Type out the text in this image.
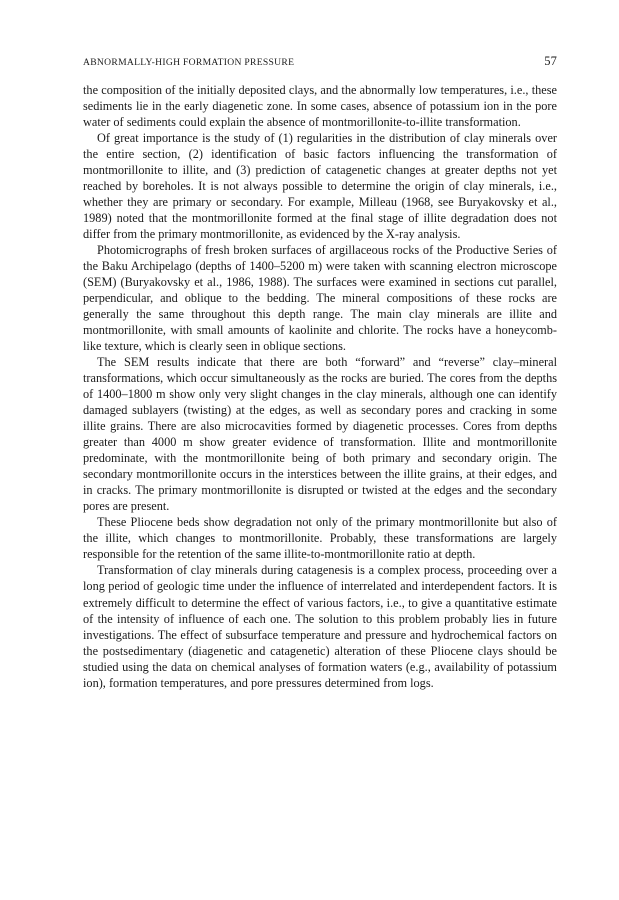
ABNORMALLY-HIGH FORMATION PRESSURE	57

the composition of the initially deposited clays, and the abnormally low temperatures, i.e., these sediments lie in the early diagenetic zone. In some cases, absence of potassium ion in the pore water of sediments could explain the absence of montmorillonite-to-illite transformation.

Of great importance is the study of (1) regularities in the distribution of clay minerals over the entire section, (2) identification of basic factors influencing the transformation of montmorillonite to illite, and (3) prediction of catagenetic changes at greater depths not yet reached by boreholes. It is not always possible to determine the origin of clay minerals, i.e., whether they are primary or secondary. For example, Milleau (1968, see Buryakovsky et al., 1989) noted that the montmorillonite formed at the final stage of illite degradation does not differ from the primary montmorillonite, as evidenced by the X-ray analysis.

Photomicrographs of fresh broken surfaces of argillaceous rocks of the Productive Series of the Baku Archipelago (depths of 1400–5200 m) were taken with scanning electron microscope (SEM) (Buryakovsky et al., 1986, 1988). The surfaces were examined in sections cut parallel, perpendicular, and oblique to the bedding. The mineral compositions of these rocks are generally the same throughout this depth range. The main clay minerals are illite and montmorillonite, with small amounts of kaolinite and chlorite. The rocks have a honeycomb-like texture, which is clearly seen in oblique sections.

The SEM results indicate that there are both “forward” and “reverse” clay–mineral transformations, which occur simultaneously as the rocks are buried. The cores from the depths of 1400–1800 m show only very slight changes in the clay minerals, although one can identify damaged sublayers (twisting) at the edges, as well as secondary pores and cracking in some illite grains. There are also microcavities formed by diagenetic processes. Cores from depths greater than 4000 m show greater evidence of transformation. Illite and montmorillonite predominate, with the montmorillonite being of both primary and secondary origin. The secondary montmorillonite occurs in the interstices between the illite grains, at their edges, and in cracks. The primary montmorillonite is disrupted or twisted at the edges and the secondary pores are present.

These Pliocene beds show degradation not only of the primary montmorillonite but also of the illite, which changes to montmorillonite. Probably, these transformations are largely responsible for the retention of the same illite-to-montmorillonite ratio at depth.

Transformation of clay minerals during catagenesis is a complex process, proceeding over a long period of geologic time under the influence of interrelated and interdependent factors. It is extremely difficult to determine the effect of various factors, i.e., to give a quantitative estimate of the intensity of influence of each one. The solution to this problem probably lies in future investigations. The effect of subsurface temperature and pressure and hydrochemical factors on the postsedimentary (diagenetic and catagenetic) alteration of these Pliocene clays should be studied using the data on chemical analyses of formation waters (e.g., availability of potassium ion), formation temperatures, and pore pressures determined from logs.
